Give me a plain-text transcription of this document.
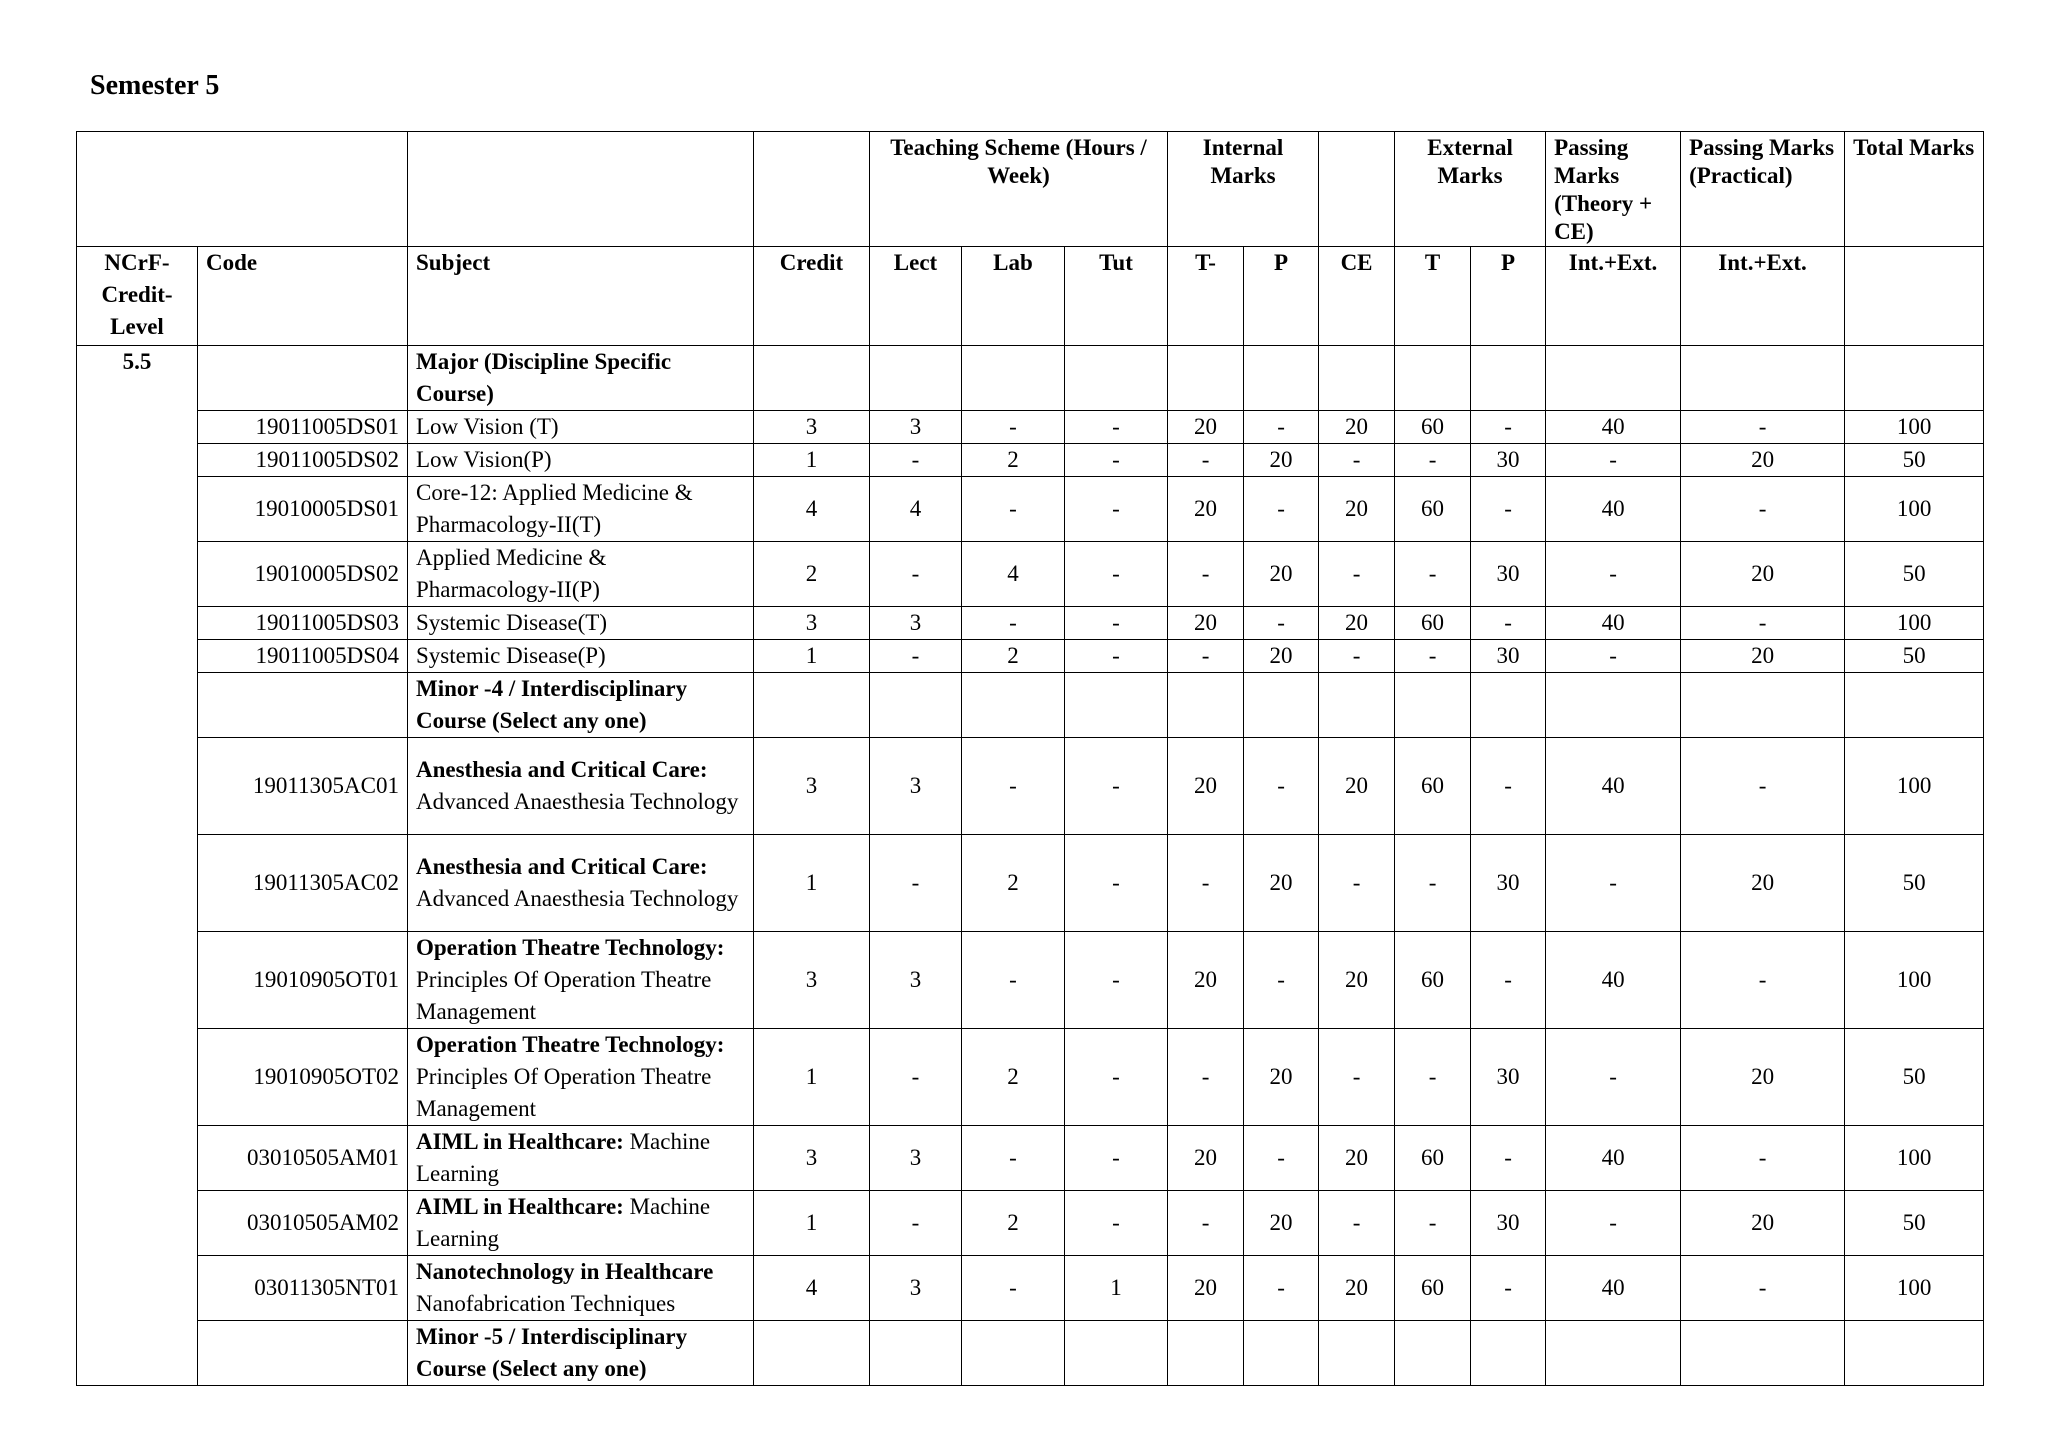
Semester 5
				Teaching Scheme (Hours / Week)			Internal Marks			External Marks		Passing Marks (Theory + CE)	Passing Marks (Practical)	Total Marks
NCrF-Credit-Level	Code	Subject	Credit	Lect	Lab	Tut	T-	P	CE	T	P	Int.+Ext.	Int.+Ext.	
5.5		Major (Discipline Specific Course)												
	19011005DS01	Low Vision (T)	3	3	-	-	20	-	20	60	-	40	-	100
	19011005DS02	Low Vision(P)	1	-	2	-	-	20	-	-	30	-	20	50
	19010005DS01	Core-12: Applied Medicine & Pharmacology-II(T)	4	4	-	-	20	-	20	60	-	40	-	100
	19010005DS02	Applied Medicine & Pharmacology-II(P)	2	-	4	-	-	20	-	-	30	-	20	50
	19011005DS03	Systemic Disease(T)	3	3	-	-	20	-	20	60	-	40	-	100
	19011005DS04	Systemic Disease(P)	1	-	2	-	-	20	-	-	30	-	20	50
		Minor -4 / Interdisciplinary Course (Select any one)												
	19011305AC01	Anesthesia and Critical Care: Advanced Anaesthesia Technology	3	3	-	-	20	-	20	60	-	40	-	100
	19011305AC02	Anesthesia and Critical Care: Advanced Anaesthesia Technology	1	-	2	-	-	20	-	-	30	-	20	50
	19010905OT01	Operation Theatre Technology: Principles Of Operation Theatre Management	3	3	-	-	20	-	20	60	-	40	-	100
	19010905OT02	Operation Theatre Technology: Principles Of Operation Theatre Management	1	-	2	-	-	20	-	-	30	-	20	50
	03010505AM01	AIML in Healthcare: Machine Learning	3	3	-	-	20	-	20	60	-	40	-	100
	03010505AM02	AIML in Healthcare: Machine Learning	1	-	2	-	-	20	-	-	30	-	20	50
	03011305NT01	Nanotechnology in Healthcare Nanofabrication Techniques	4	3	-	1	20	-	20	60	-	40	-	100
		Minor -5 / Interdisciplinary Course (Select any one)												
